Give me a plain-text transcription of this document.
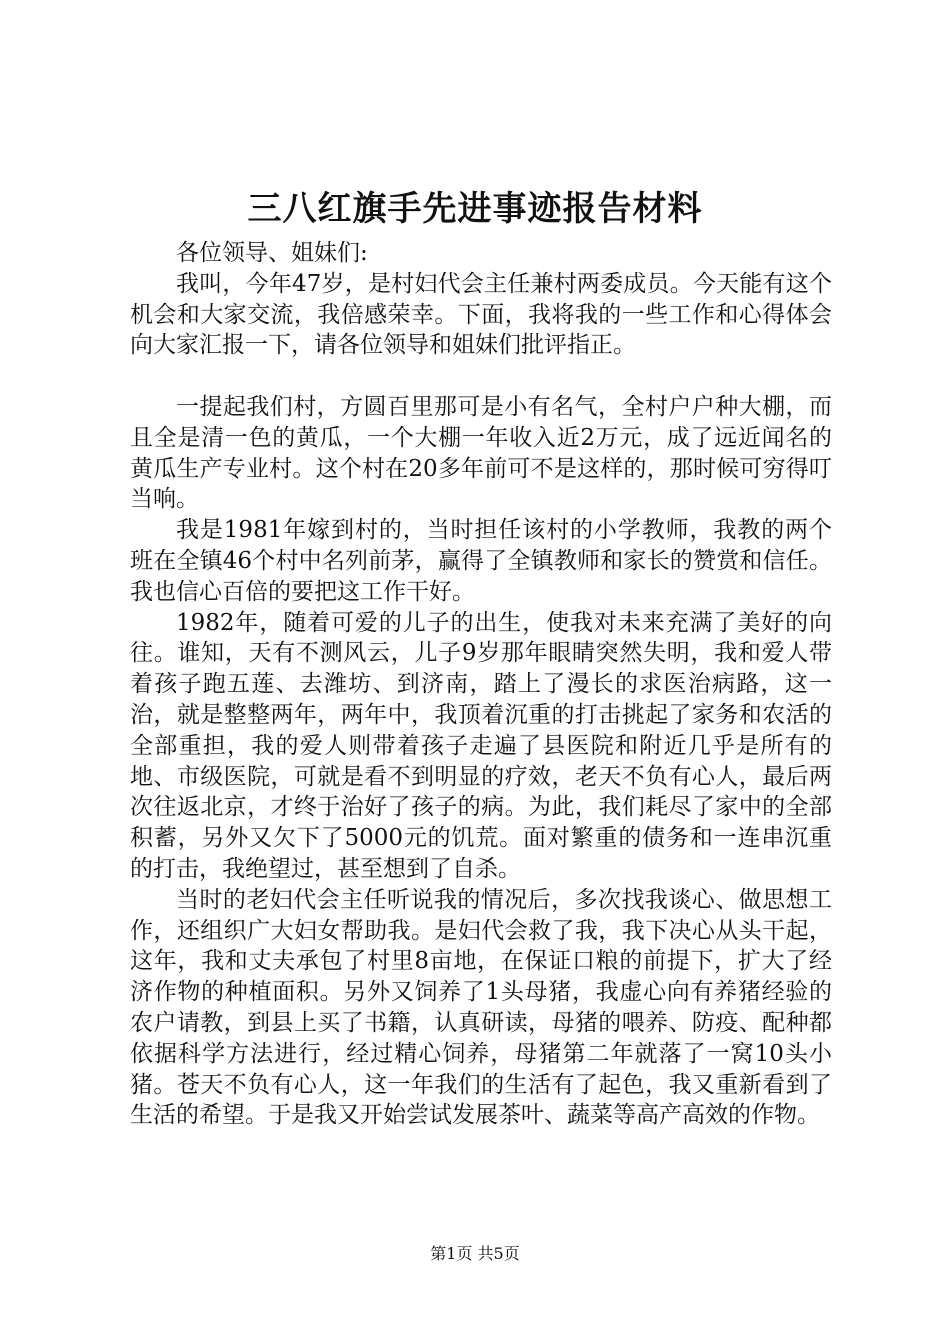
三八红旗手先进事迹报告材料

各位领导、姐妹们:

我叫，今年47岁，是村妇代会主任兼村两委成员。今天能有这个机会和大家交流，我倍感荣幸。下面，我将我的一些工作和心得体会向大家汇报一下，请各位领导和姐妹们批评指正。

一提起我们村，方圆百里那可是小有名气，全村户户种大棚，而且全是清一色的黄瓜，一个大棚一年收入近2万元，成了远近闻名的黄瓜生产专业村。这个村在20多年前可不是这样的，那时候可穷得叮当响。

我是1981年嫁到村的，当时担任该村的小学教师，我教的两个班在全镇46个村中名列前茅，赢得了全镇教师和家长的赞赏和信任。我也信心百倍的要把这工作干好。

1982年，随着可爱的儿子的出生，使我对未来充满了美好的向往。谁知，天有不测风云，儿子9岁那年眼睛突然失明，我和爱人带着孩子跑五莲、去潍坊、到济南，踏上了漫长的求医治病路，这一治，就是整整两年，两年中，我顶着沉重的打击挑起了家务和农活的全部重担，我的爱人则带着孩子走遍了县医院和附近几乎是所有的地、市级医院，可就是看不到明显的疗效，老天不负有心人，最后两次往返北京，才终于治好了孩子的病。为此，我们耗尽了家中的全部积蓄，另外又欠下了5000元的饥荒。面对繁重的债务和一连串沉重的打击，我绝望过，甚至想到了自杀。

当时的老妇代会主任听说我的情况后，多次找我谈心、做思想工作，还组织广大妇女帮助我。是妇代会救了我，我下决心从头干起，这年，我和丈夫承包了村里8亩地，在保证口粮的前提下，扩大了经济作物的种植面积。另外又饲养了1头母猪，我虚心向有养猪经验的农户请教，到县上买了书籍，认真研读，母猪的喂养、防疫、配种都依据科学方法进行，经过精心饲养，母猪第二年就落了一窝10头小猪。苍天不负有心人，这一年我们的生活有了起色，我又重新看到了生活的希望。于是我又开始尝试发展茶叶、蔬菜等高产高效的作物。

第1页 共5页
